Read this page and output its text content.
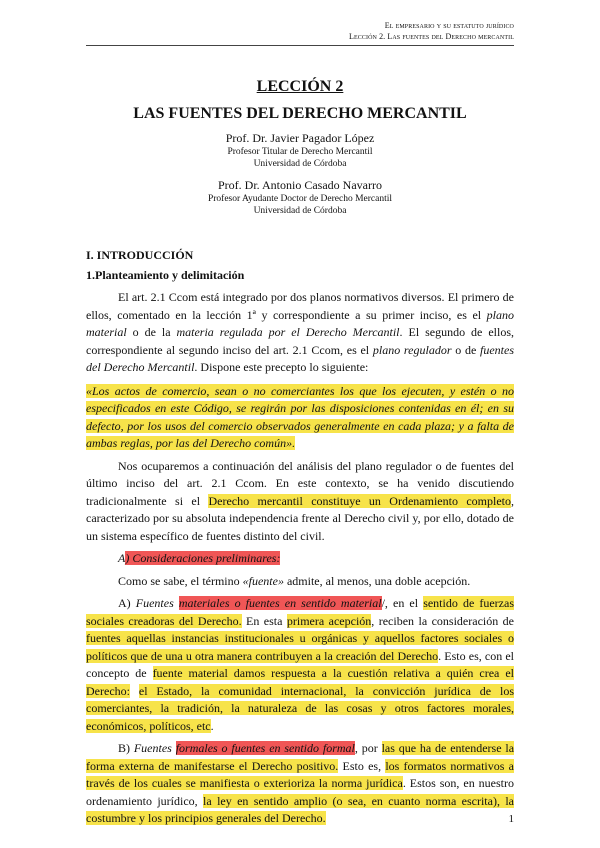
El empresario y su estatuto jurídico
Lección 2. Las fuentes del Derecho mercantil
LECCIÓN 2
LAS FUENTES DEL DERECHO MERCANTIL
Prof. Dr. Javier Pagador López
Profesor Titular de Derecho Mercantil
Universidad de Córdoba
Prof. Dr. Antonio Casado Navarro
Profesor Ayudante Doctor de Derecho Mercantil
Universidad de Córdoba
I. INTRODUCCIÓN
1.Planteamiento y delimitación

El art. 2.1 Ccom está integrado por dos planos normativos diversos. El primero de ellos, comentado en la lección 1ª y correspondiente a su primer inciso, es el plano material o de la materia regulada por el Derecho Mercantil. El segundo de ellos, correspondiente al segundo inciso del art. 2.1 Ccom, es el plano regulador o de fuentes del Derecho Mercantil. Dispone este precepto lo siguiente:

«Los actos de comercio, sean o no comerciantes los que los ejecuten, y estén o no especificados en este Código, se regirán por las disposiciones contenidas en él; en su defecto, por los usos del comercio observados generalmente en cada plaza; y a falta de ambas reglas, por las del Derecho común».

Nos ocuparemos a continuación del análisis del plano regulador o de fuentes del último inciso del art. 2.1 Ccom. En este contexto, se ha venido discutiendo tradicionalmente si el Derecho mercantil constituye un Ordenamiento completo, caracterizado por su absoluta independencia frente al Derecho civil y, por ello, dotado de un sistema específico de fuentes distinto del civil.

A) Consideraciones preliminares:

Como se sabe, el término «fuente» admite, al menos, una doble acepción.

A) Fuentes materiales o fuentes en sentido material/, en el sentido de fuerzas sociales creadoras del Derecho. En esta primera acepción, reciben la consideración de fuentes aquellas instancias institucionales u orgánicas y aquellos factores sociales o políticos que de una u otra manera contribuyen a la creación del Derecho. Esto es, con el concepto de fuente material damos respuesta a la cuestión relativa a quién crea el Derecho: el Estado, la comunidad internacional, la convicción jurídica de los comerciantes, la tradición, la naturaleza de las cosas y otros factores morales, económicos, políticos, etc.

B) Fuentes formales o fuentes en sentido formal, por las que ha de entenderse la forma externa de manifestarse el Derecho positivo. Esto es, los formatos normativos a través de los cuales se manifiesta o exterioriza la norma jurídica. Estos son, en nuestro ordenamiento jurídico, la ley en sentido amplio (o sea, en cuanto norma escrita), la costumbre y los principios generales del Derecho.	1
